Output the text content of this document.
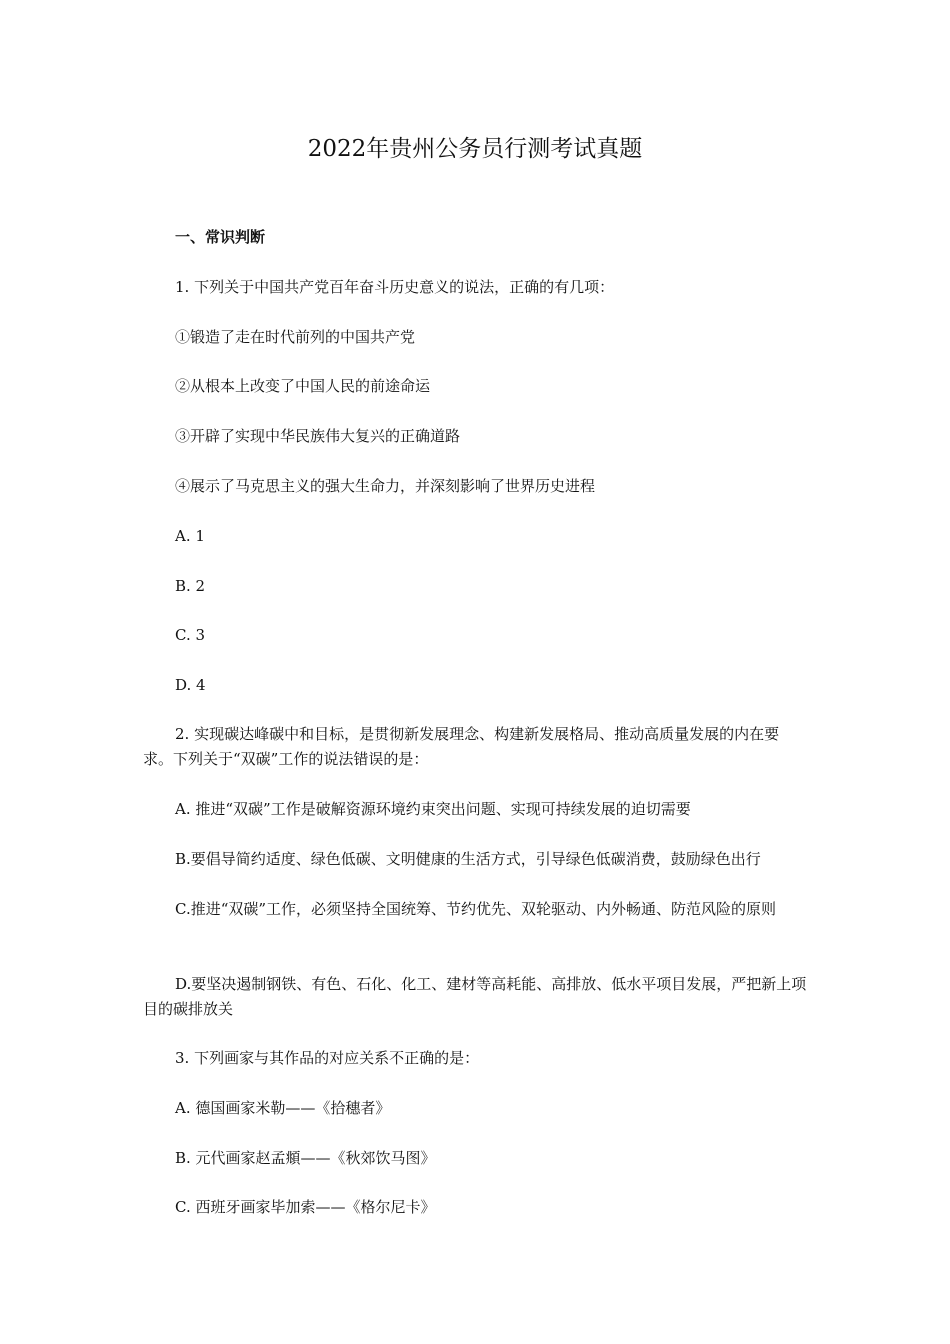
2022年贵州公务员行测考试真题
一、常识判断
1. 下列关于中国共产党百年奋斗历史意义的说法，正确的有几项：
①锻造了走在时代前列的中国共产党
②从根本上改变了中国人民的前途命运
③开辟了实现中华民族伟大复兴的正确道路
④展示了马克思主义的强大生命力，并深刻影响了世界历史进程
A. 1
B. 2
C. 3
D. 4
2. 实现碳达峰碳中和目标，是贯彻新发展理念、构建新发展格局、推动高质量发展的内在要求。下列关于“双碳”工作的说法错误的是：
A. 推进“双碳”工作是破解资源环境约束突出问题、实现可持续发展的迫切需要
B.要倡导简约适度、绿色低碳、文明健康的生活方式，引导绿色低碳消费，鼓励绿色出行
C.推进“双碳”工作，必须坚持全国统筹、节约优先、双轮驱动、内外畅通、防范风险的原则
D.要坚决遏制钢铁、有色、石化、化工、建材等高耗能、高排放、低水平项目发展，严把新上项目的碳排放关
3. 下列画家与其作品的对应关系不正确的是：
A. 德国画家米勒——《拾穗者》
B. 元代画家赵孟頫——《秋郊饮马图》
C. 西班牙画家毕加索——《格尔尼卡》
